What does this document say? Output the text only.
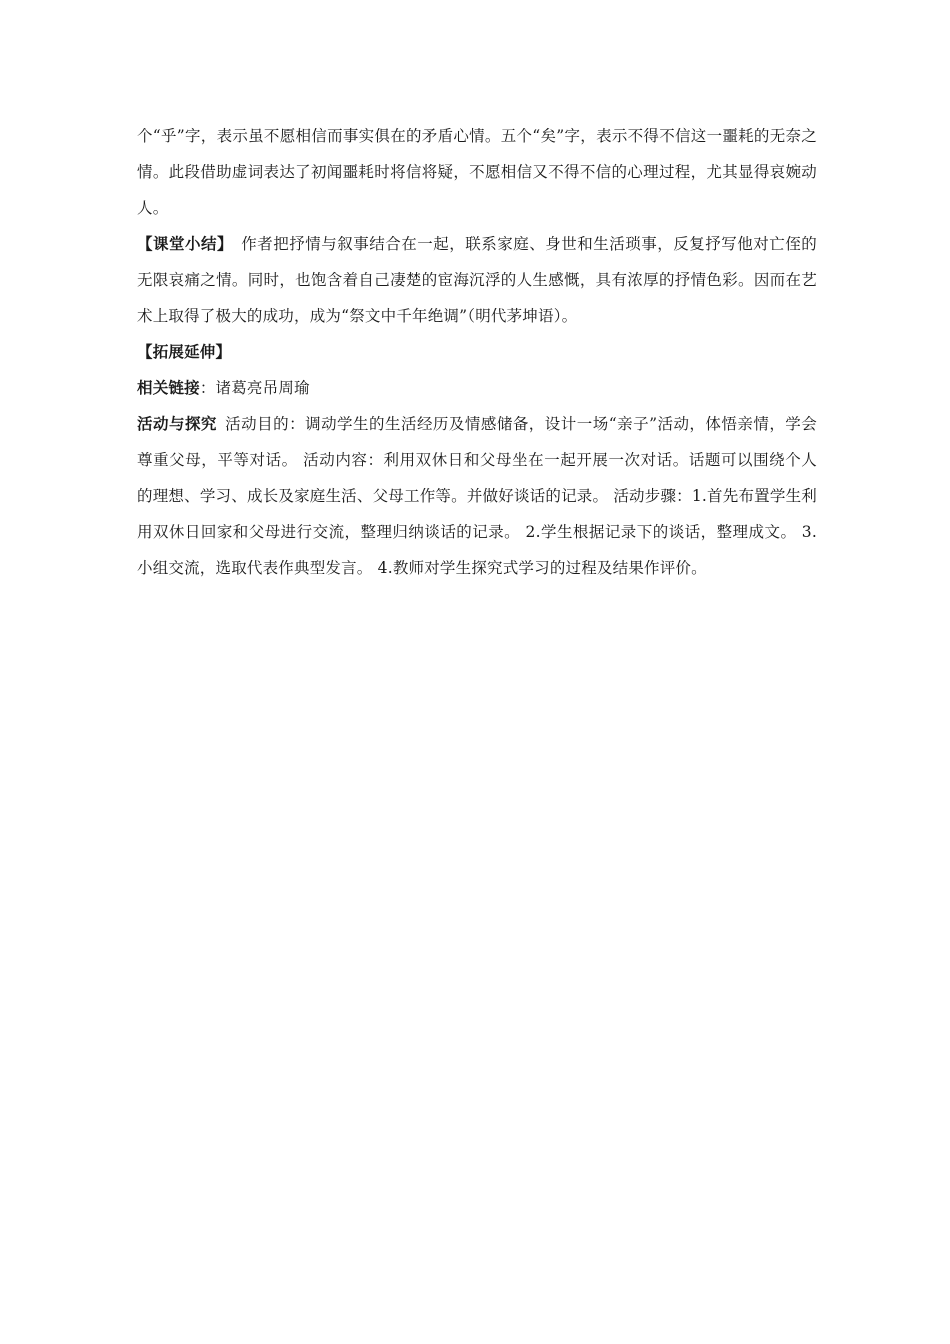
个“乎”字，表示虽不愿相信而事实俱在的矛盾心情。五个“矣”字，表示不得不信这一噩耗的无奈之情。此段借助虚词表达了初闻噩耗时将信将疑，不愿相信又不得不信的心理过程，尤其显得哀婉动人。

【课堂小结】 作者把抒情与叙事结合在一起，联系家庭、身世和生活琐事，反复抒写他对亡侄的无限哀痛之情。同时，也饱含着自己凄楚的宦海沉浮的人生感慨，具有浓厚的抒情色彩。因而在艺术上取得了极大的成功，成为“祭文中千年绝调”（明代茅坤语）。

【拓展延伸】

相关链接：诸葛亮吊周瑜

活动与探究 活动目的：调动学生的生活经历及情感储备，设计一场“亲子”活动，体悟亲情，学会尊重父母，平等对话。 活动内容：利用双休日和父母坐在一起开展一次对话。话题可以围绕个人的理想、学习、成长及家庭生活、父母工作等。并做好谈话的记录。 活动步骤：1.首先布置学生利用双休日回家和父母进行交流，整理归纳谈话的记录。 2.学生根据记录下的谈话，整理成文。 3.小组交流，选取代表作典型发言。 4.教师对学生探究式学习的过程及结果作评价。
